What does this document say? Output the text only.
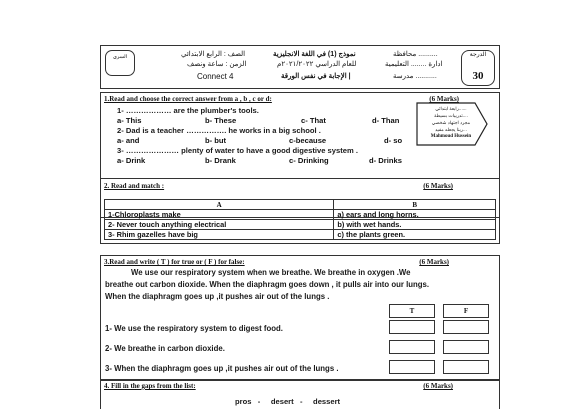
السري	الصف : الرابع الابتدائي
الزمن : ساعة ونصف
Connect 4
نموذج (1) في اللغة الانجليزية
للعام الدراسي ٢٠٢١/٢٠٢٢م
الإجابة في نفس الورقة |
محافظة ..........
ادارة ........ التعليمية
مدرسة ...........
الدرجة
30
1.Read and choose the correct answer from a , b , c or d:	(6 Marks)
1- ……………… are the plumber's tools.
a- This	b- These	c- That	d- Than
2- Dad is a teacher ……………. he works in a big school .
a- and	b- but	c-because	d- so
3- ………………… plenty of water to have a good digestive system .
a- Drink	b- Drank	c- Drinking	d- Drinks
رابعة ابتدائي......
تدريبات بسيطة....
مجرد اجتهاد شخصي
ربنا يجعله مفيد...
Mahmoud Hussein
2. Read and match :	(6 Marks)
A	B
1-Chloroplasts make	a) ears and long horns.
2- Never touch anything electrical	b) with wet hands.
3- Rhim gazelles have big	c) the plants green.
3.Read and write ( T ) for true or ( F ) for false:	(6 Marks)
We use our respiratory system when we breathe. We breathe in oxygen .We
breathe out carbon dioxide. When the diaphragm goes down , it pulls air into our lungs.
When the diaphragm goes up ,it pushes air out of the lungs .
T	F
1- We use the respiratory system to digest food.
2- We breathe in carbon dioxide.
3- When the diaphragm goes up ,it pushes air out of the lungs .
4. Fill in the gaps from the list:	(6 Marks)
pros   -     desert   -     dessert
